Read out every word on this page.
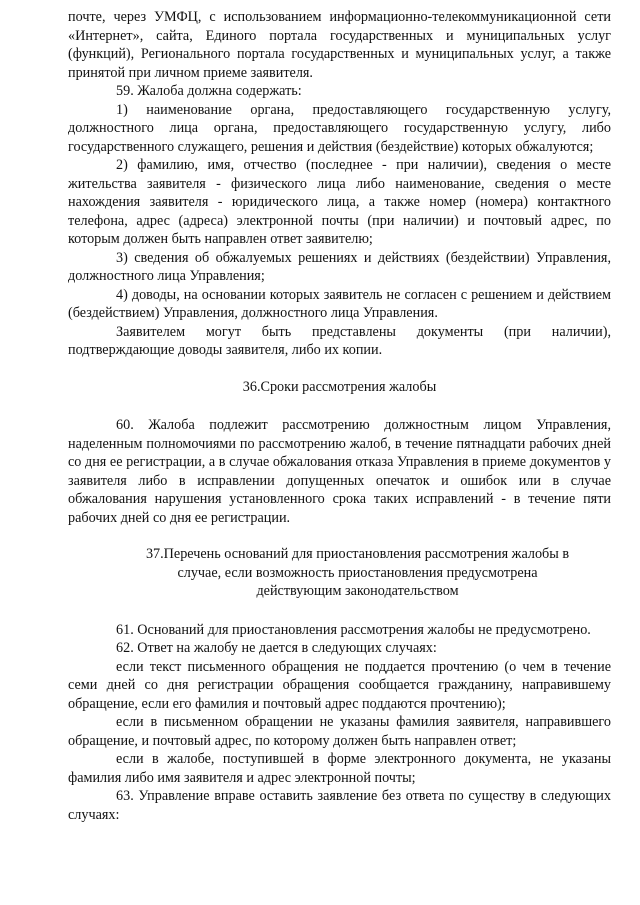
почте, через УМФЦ, с использованием информационно-телекоммуникационной сети «Интернет», сайта, Единого портала государственных и муниципальных услуг (функций), Регионального портала государственных и муниципальных услуг, а также принятой при личном приеме заявителя.

59. Жалоба должна содержать:

1) наименование органа, предоставляющего государственную услугу, должностного лица органа, предоставляющего государственную услугу, либо государственного служащего, решения и действия (бездействие) которых обжалуются;

2) фамилию, имя, отчество (последнее - при наличии), сведения о месте жительства заявителя - физического лица либо наименование, сведения о месте нахождения заявителя - юридического лица, а также номер (номера) контактного телефона, адрес (адреса) электронной почты (при наличии) и почтовый адрес, по которым должен быть направлен ответ заявителю;

3) сведения об обжалуемых решениях и действиях (бездействии) Управления, должностного лица Управления;

4) доводы, на основании которых заявитель не согласен с решением и действием (бездействием) Управления, должностного лица Управления.

Заявителем могут быть представлены документы (при наличии), подтверждающие доводы заявителя, либо их копии.

36.Сроки рассмотрения жалобы

60. Жалоба подлежит рассмотрению должностным лицом Управления, наделенным полномочиями по рассмотрению жалоб, в течение пятнадцати рабочих дней со дня ее регистрации, а в случае обжалования отказа Управления в приеме документов у заявителя либо в исправлении допущенных опечаток и ошибок или в случае обжалования нарушения установленного срока таких исправлений - в течение пяти рабочих дней со дня ее регистрации.

37.Перечень оснований для приостановления рассмотрения жалобы в
случае, если возможность приостановления предусмотрена
действующим законодательством

61. Оснований для приостановления рассмотрения жалобы не предусмотрено.

62. Ответ на жалобу не дается в следующих случаях:

если текст письменного обращения не поддается прочтению (о чем в течение семи дней со дня регистрации обращения сообщается гражданину, направившему обращение, если его фамилия и почтовый адрес поддаются прочтению);

если в письменном обращении не указаны фамилия заявителя, направившего обращение, и почтовый адрес, по которому должен быть направлен ответ;

если в жалобе, поступившей в форме электронного документа, не указаны фамилия либо имя заявителя и адрес электронной почты;

63. Управление вправе оставить заявление без ответа по существу в следующих случаях:
